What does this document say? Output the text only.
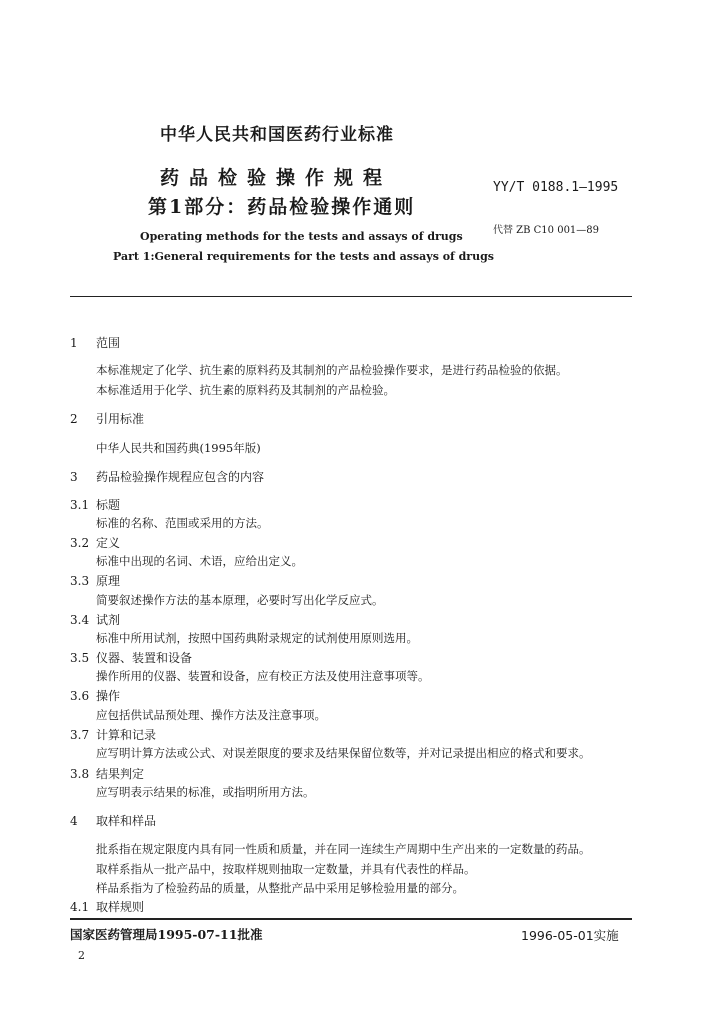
中华人民共和国医药行业标准
药品检验操作规程
第1部分：药品检验操作通则
YY/T 0188.1—1995
代替 ZB C10 001—89
Operating methods for the tests and assays of drugs
Part 1:General requirements for the tests and assays of drugs
1 范围
本标准规定了化学、抗生素的原料药及其制剂的产品检验操作要求，是进行药品检验的依据。
本标准适用于化学、抗生素的原料药及其制剂的产品检验。
2 引用标准
中华人民共和国药典(1995年版)
3 药品检验操作规程应包含的内容
3.1 标题
标准的名称、范围或采用的方法。
3.2 定义
标准中出现的名词、术语，应给出定义。
3.3 原理
简要叙述操作方法的基本原理，必要时写出化学反应式。
3.4 试剂
标准中所用试剂，按照中国药典附录规定的试剂使用原则选用。
3.5 仪器、装置和设备
操作所用的仪器、装置和设备，应有校正方法及使用注意事项等。
3.6 操作
应包括供试品预处理、操作方法及注意事项。
3.7 计算和记录
应写明计算方法或公式、对误差限度的要求及结果保留位数等，并对记录提出相应的格式和要求。
3.8 结果判定
应写明表示结果的标准，或指明所用方法。
4 取样和样品
批系指在规定限度内具有同一性质和质量，并在同一连续生产周期中生产出来的一定数量的药品。
取样系指从一批产品中，按取样规则抽取一定数量，并具有代表性的样品。
样品系指为了检验药品的质量，从整批产品中采用足够检验用量的部分。
4.1 取样规则
国家医药管理局1995-07-11批准	1996-05-01实施
2
